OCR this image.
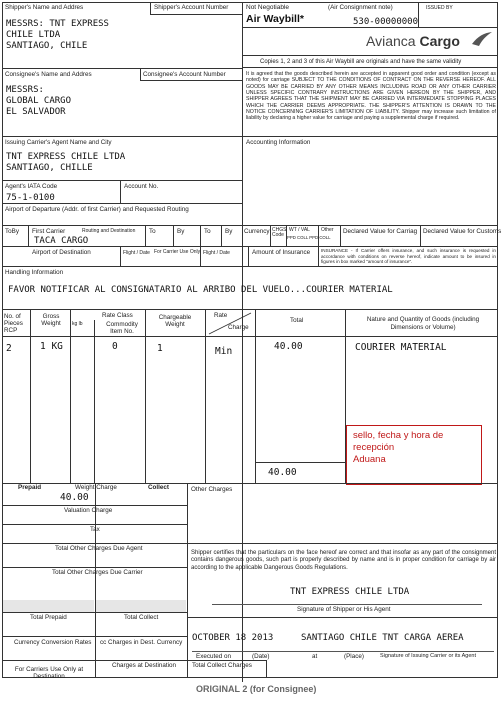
Shipper's Name and Addres	Shipper's Account Number
MESSRS: TNT EXPRESS
CHILE LTDA
SANTIAGO, CHILE
Not Negotiable	(Air Consignment note)	ISSUED BY
Air Waybill*	530-00000000
Avianca Cargo
Copies 1, 2 and 3 of this Air Waybill are originals and have the same validity
Consignee's Name and Addres	Consignee's Account Number
MESSRS:
GLOBAL CARGO
EL SALVADOR
It is agreed that the goods described herein are accepted in apparent good order and condition (except as noted) for carriage SUBJECT TO THE CONDITIONS OF CONTRACT ON THE REVERSE HEREOF. ALL GOODS MAY BE CARRIED BY ANY OTHER MEANS INCLUDING ROAD OR ANY OTHER CARRIER UNLESS SPECIFIC CONTRARY INSTRUCTIONS ARE GIVEN HEREON BY THE SHIPPER, AND SHIPPER AGREES THAT THE SHIPMENT MAY BE CARRIED VIA INTERMEDIATE STOPPING PLACES WHICH THE CARRIER DEEMS APPROPRIATE. THE SHIPPER'S ATTENTION IS DRAWN TO THE NOTICE CONCERNING CARRIER'S LIMITATION OF LIABILITY. Shipper may increase such limitation of liability by declaring a higher value for carriage and paying a supplemental charge if required.
Issuing Carrier's Agent Name and City
TNT EXPRESS CHILE LTDA
SANTIAGO, CHILLE
Accounting Information
Agent's IATA Code
75-1-0100
Account No.
Airport of Departure (Addr. of first Carrier) and Requested Routing
ToBy First Carrier	Routing and Destination
TACA CARGO
To	By	To By Currency CHGS Code
WT / VAL
PPD COLL PPD COLL
Other Declared Value for Carriag Declared Value for Customs
Airport of Destination	Flight / Date For Carrier Use Only Flight / Date	Amount of Insurance INSURANCE - If Carrier offers insurance, and such insurance is requested in accordance with conditions on reverse hereof, indicate amount to be insured in figures in box marked "amount of insurance".
Handling Information
FAVOR NOTIFICAR AL CONSIGNATARIO AL ARRIBO DEL VUELO...COURIER MATERIAL
No. of Pieces RCP
Gross Weight	kg lb
Rate Class
Commodity Item No.
Chargeable Weight
Rate
Charge
Total	Nature and Quantity of Goods (including Dimensions or Volume)
2	1 KG	0	1	Min	40.00	COURIER MATERIAL
40.00
sello, fecha y hora de
recepción
Aduana
Prepaid	Weight Charge	Collect	Other Charges
40.00
Valuation Charge
Tax
Total Other Charges Due Agent
Total Other Charges Due Carrier
Total Prepaid	Total Collect
Currency Conversion Rates cc Charges in Dest. Currency
For Carriers Use Only at Destination
Charges at Destination	Total Collect Charges
Shipper certifies that the particulars on the face hereof are correct and that insofar as any part of the consignment contains dangerous goods, such part is properly described by name and is in proper condition for carriage by air according to the applicable Dangerous Goods Regulations.
TNT EXPRESS CHILE LTDA
Signature of Shipper or His Agent
OCTOBER 18 2013	SANTIAGO CHILE TNT CARGA AEREA
Executed on	(Date)	at	(Place)	Signature of Issuing Carrier or its Agent
ORIGINAL 2 (for Consignee)
